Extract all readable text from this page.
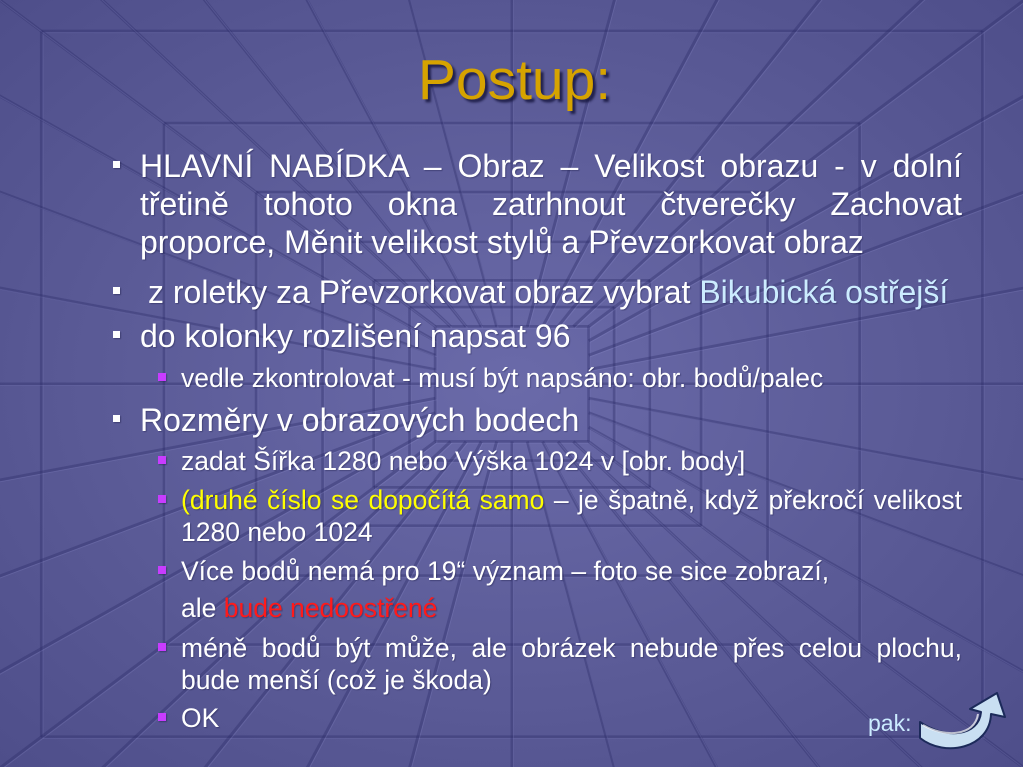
Postup:
HLAVNÍ NABÍDKA – Obraz – Velikost obrazu - v dolní
třetině tohoto okna zatrhnout čtverečky Zachovat
proporce, Měnit velikost stylů a Převzorkovat obraz
z roletky za Převzorkovat obraz vybrat Bikubická ostřejší
do kolonky rozlišení napsat 96
vedle zkontrolovat - musí být napsáno: obr. bodů/palec
Rozměry v obrazových bodech
zadat Šířka 1280 nebo Výška 1024 v [obr. body]
(druhé číslo se dopočítá samo – je špatně, když překročí velikost
1280 nebo 1024
Více bodů nemá pro 19“ význam – foto se sice zobrazí,
ale bude nedoostřené
méně bodů být může, ale obrázek nebude přes celou plochu,
bude menší (což je škoda)
OK	pak:
